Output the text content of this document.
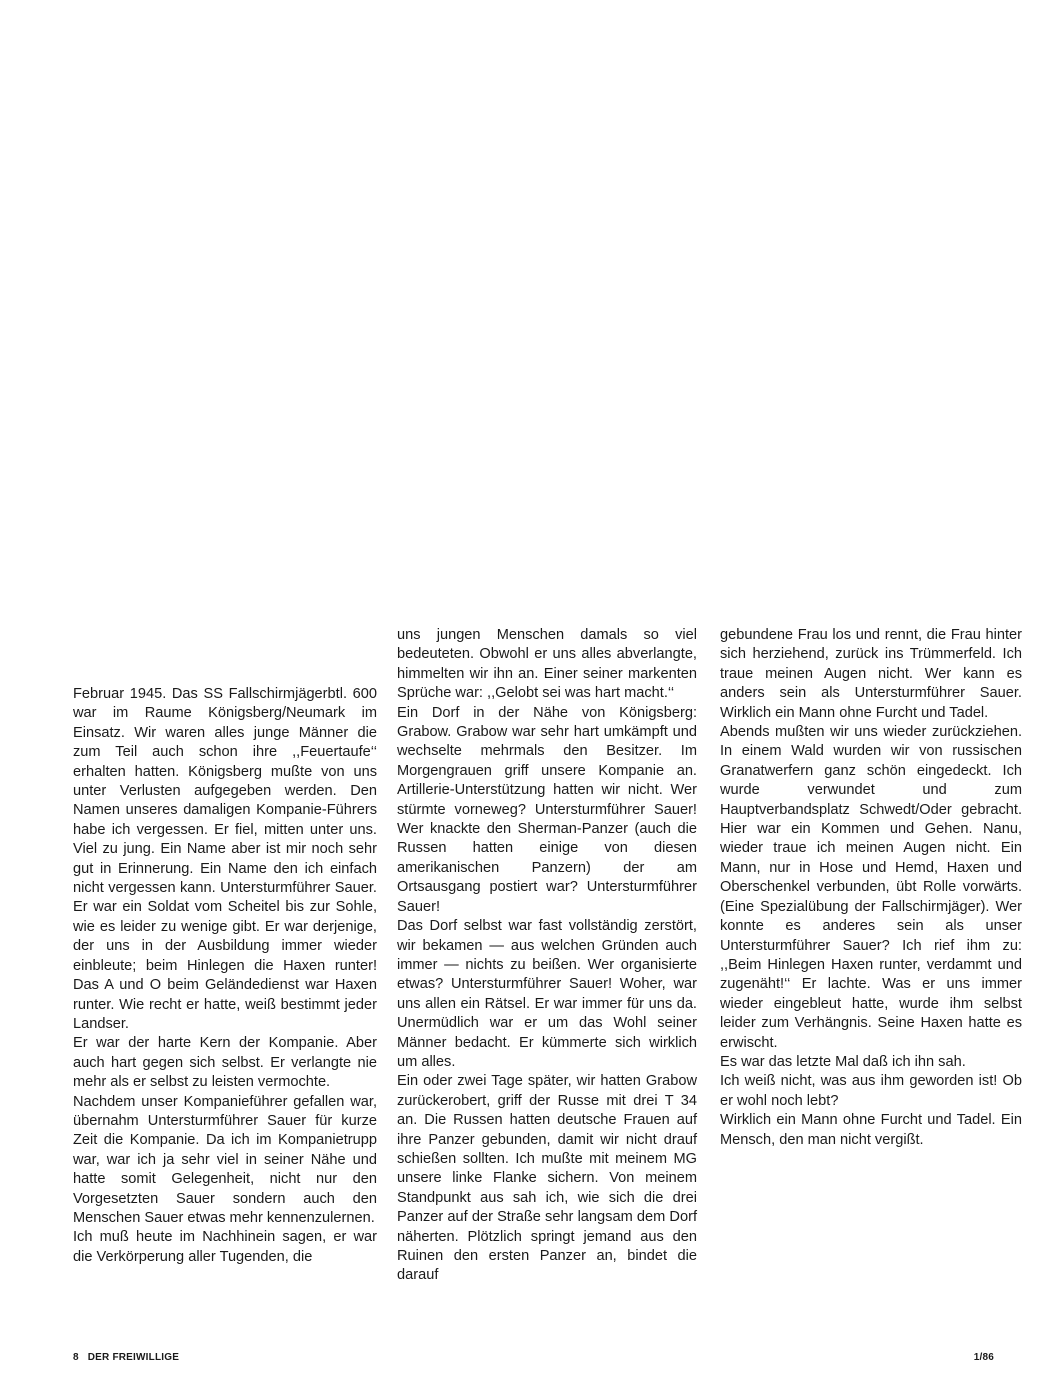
Februar 1945. Das SS Fallschirmjägerbtl. 600 war im Raume Königsberg/Neumark im Einsatz. Wir waren alles junge Männer die zum Teil auch schon ihre ,,Feuertaufe‘‘ erhalten hatten. Königsberg mußte von uns unter Verlusten aufgegeben werden. Den Namen unseres damaligen Kompanie-Führers habe ich vergessen. Er fiel, mitten unter uns. Viel zu jung. Ein Name aber ist mir noch sehr gut in Erinnerung. Ein Name den ich einfach nicht vergessen kann. Untersturmführer Sauer. Er war ein Soldat vom Scheitel bis zur Sohle, wie es leider zu wenige gibt. Er war derjenige, der uns in der Ausbildung immer wieder einbleute; beim Hinlegen die Haxen runter! Das A und O beim Geländedienst war Haxen runter. Wie recht er hatte, weiß bestimmt jeder Landser.

Er war der harte Kern der Kompanie. Aber auch hart gegen sich selbst. Er verlangte nie mehr als er selbst zu leisten vermochte.

Nachdem unser Kompanieführer gefallen war, übernahm Untersturmführer Sauer für kurze Zeit die Kompanie. Da ich im Kompanietrupp war, war ich ja sehr viel in seiner Nähe und hatte somit Gelegenheit, nicht nur den Vorgesetzten Sauer sondern auch den Menschen Sauer etwas mehr kennenzulernen.

Ich muß heute im Nachhinein sagen, er war die Verkörperung aller Tugenden, die

uns jungen Menschen damals so viel bedeuteten. Obwohl er uns alles abverlangte, himmelten wir ihn an. Einer seiner markenten Sprüche war: ,,Gelobt sei was hart macht.‘‘

Ein Dorf in der Nähe von Königsberg: Grabow. Grabow war sehr hart umkämpft und wechselte mehrmals den Besitzer. Im Morgengrauen griff unsere Kompanie an. Artillerie-Unterstützung hatten wir nicht. Wer stürmte vorneweg? Untersturmführer Sauer! Wer knackte den Sherman-Panzer (auch die Russen hatten einige von diesen amerikanischen Panzern) der am Ortsausgang postiert war? Untersturmführer Sauer!

Das Dorf selbst war fast vollständig zerstört, wir bekamen — aus welchen Gründen auch immer — nichts zu beißen. Wer organisierte etwas? Untersturmführer Sauer! Woher, war uns allen ein Rätsel. Er war immer für uns da. Unermüdlich war er um das Wohl seiner Männer bedacht. Er kümmerte sich wirklich um alles.

Ein oder zwei Tage später, wir hatten Grabow zurückerobert, griff der Russe mit drei T 34 an. Die Russen hatten deutsche Frauen auf ihre Panzer gebunden, damit wir nicht drauf schießen sollten. Ich mußte mit meinem MG unsere linke Flanke sichern. Von meinem Standpunkt aus sah ich, wie sich die drei Panzer auf der Straße sehr langsam dem Dorf näherten. Plötzlich springt jemand aus den Ruinen den ersten Panzer an, bindet die darauf

gebundene Frau los und rennt, die Frau hinter sich herziehend, zurück ins Trümmerfeld. Ich traue meinen Augen nicht. Wer kann es anders sein als Untersturmführer Sauer. Wirklich ein Mann ohne Furcht und Tadel.

Abends mußten wir uns wieder zurückziehen. In einem Wald wurden wir von russischen Granatwerfern ganz schön eingedeckt. Ich wurde verwundet und zum Hauptverbandsplatz Schwedt/Oder gebracht. Hier war ein Kommen und Gehen. Nanu, wieder traue ich meinen Augen nicht. Ein Mann, nur in Hose und Hemd, Haxen und Oberschenkel verbunden, übt Rolle vorwärts. (Eine Spezialübung der Fallschirmjäger). Wer konnte es anderes sein als unser Untersturmführer Sauer? Ich rief ihm zu: ,,Beim Hinlegen Haxen runter, verdammt und zugenäht!‘‘ Er lachte. Was er uns immer wieder eingebleut hatte, wurde ihm selbst leider zum Verhängnis. Seine Haxen hatte es erwischt.

Es war das letzte Mal daß ich ihn sah.

Ich weiß nicht, was aus ihm geworden ist! Ob er wohl noch lebt?

Wirklich ein Mann ohne Furcht und Tadel. Ein Mensch, den man nicht vergißt.

8 DER FREIWILLIGE	1/86
